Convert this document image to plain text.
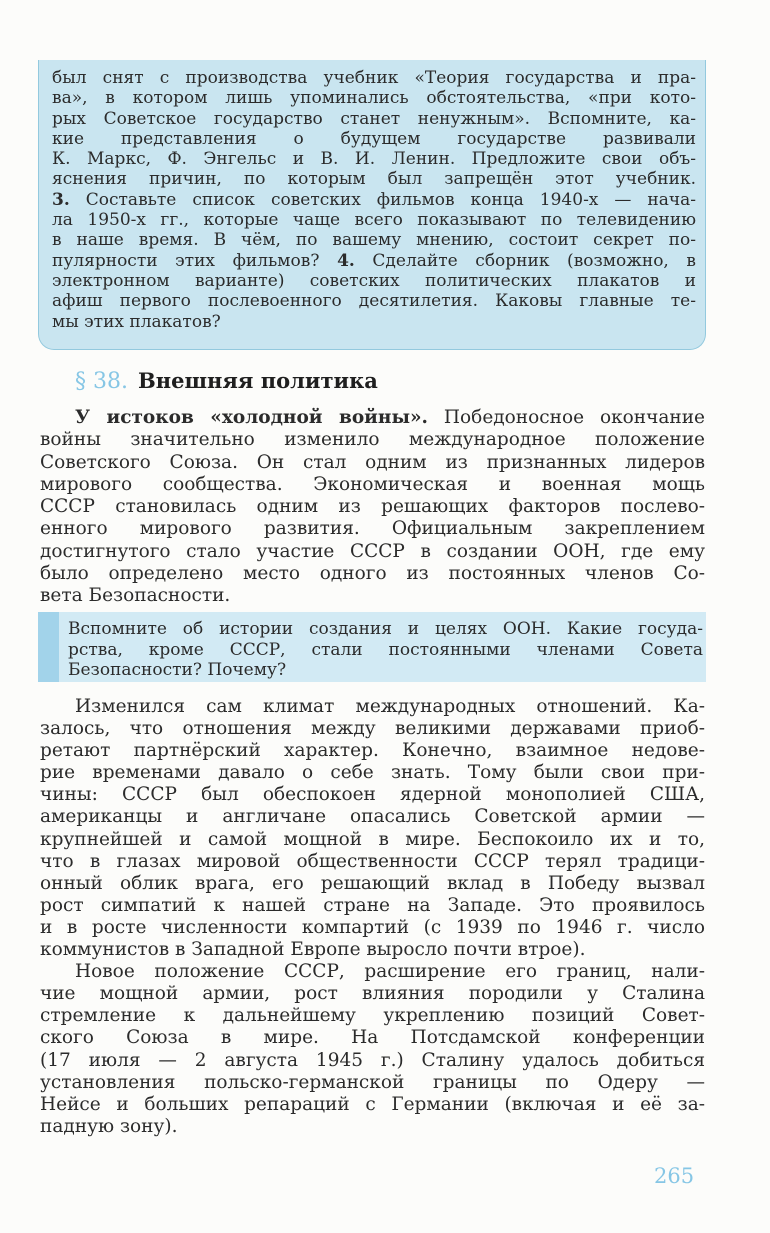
был снят с производства учебник «Теория государства и пра-
ва», в котором лишь упоминались обстоятельства, «при кото-
рых Советское государство станет ненужным». Вспомните, ка-
кие представления о будущем государстве развивали
К. Маркс, Ф. Энгельс и В. И. Ленин. Предложите свои объ-
яснения причин, по которым был запрещён этот учебник.
3. Составьте список советских фильмов конца 1940-х — нача-
ла 1950-х гг., которые чаще всего показывают по телевидению
в наше время. В чём, по вашему мнению, состоит секрет по-
пулярности этих фильмов? 4. Сделайте сборник (возможно, в
электронном варианте) советских политических плакатов и
афиш первого послевоенного десятилетия. Каковы главные те-
мы этих плакатов?
§ 38. Внешняя политика
У истоков «холодной войны». Победоносное окончание
войны значительно изменило международное положение
Советского Союза. Он стал одним из признанных лидеров
мирового сообщества. Экономическая и военная мощь
СССР становилась одним из решающих факторов послево-
енного мирового развития. Официальным закреплением
достигнутого стало участие СССР в создании ООН, где ему
было определено место одного из постоянных членов Со-
вета Безопасности.
Вспомните об истории создания и целях ООН. Какие госуда-
рства, кроме СССР, стали постоянными членами Совета
Безопасности? Почему?
Изменился сам климат международных отношений. Ка-
залось, что отношения между великими державами приоб-
ретают партнёрский характер. Конечно, взаимное недове-
рие временами давало о себе знать. Тому были свои при-
чины: СССР был обеспокоен ядерной монополией США,
американцы и англичане опасались Советской армии —
крупнейшей и самой мощной в мире. Беспокоило их и то,
что в глазах мировой общественности СССР терял традици-
онный облик врага, его решающий вклад в Победу вызвал
рост симпатий к нашей стране на Западе. Это проявилось
и в росте численности компартий (с 1939 по 1946 г. число
коммунистов в Западной Европе выросло почти втрое).
Новое положение СССР, расширение его границ, нали-
чие мощной армии, рост влияния породили у Сталина
стремление к дальнейшему укреплению позиций Совет-
ского Союза в мире. На Потсдамской конференции
(17 июля — 2 августа 1945 г.) Сталину удалось добиться
установления польско-германской границы по Одеру —
Нейсе и больших репараций с Германии (включая и её за-
падную зону).
265
